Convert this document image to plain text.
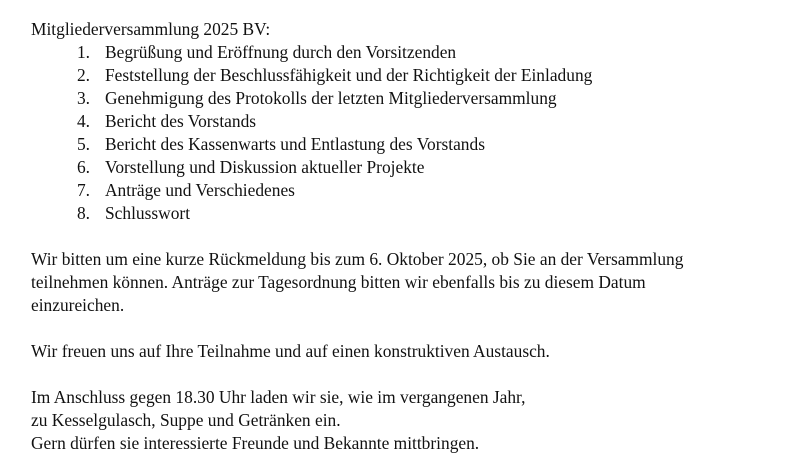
Mitgliederversammlung 2025 BV:

1. Begrüßung und Eröffnung durch den Vorsitzenden
2. Feststellung der Beschlussfähigkeit und der Richtigkeit der Einladung
3. Genehmigung des Protokolls der letzten Mitgliederversammlung
4. Bericht des Vorstands
5. Bericht des Kassenwarts und Entlastung des Vorstands
6. Vorstellung und Diskussion aktueller Projekte
7. Anträge und Verschiedenes
8. Schlusswort

Wir bitten um eine kurze Rückmeldung bis zum 6. Oktober 2025, ob Sie an der Versammlung
teilnehmen können. Anträge zur Tagesordnung bitten wir ebenfalls bis zu diesem Datum
einzureichen.

Wir freuen uns auf Ihre Teilnahme und auf einen konstruktiven Austausch.

Im Anschluss gegen 18.30 Uhr laden wir sie, wie im vergangenen Jahr,
zu Kesselgulasch, Suppe und Getränken ein.
Gern dürfen sie interessierte Freunde und Bekannte mittbringen.
